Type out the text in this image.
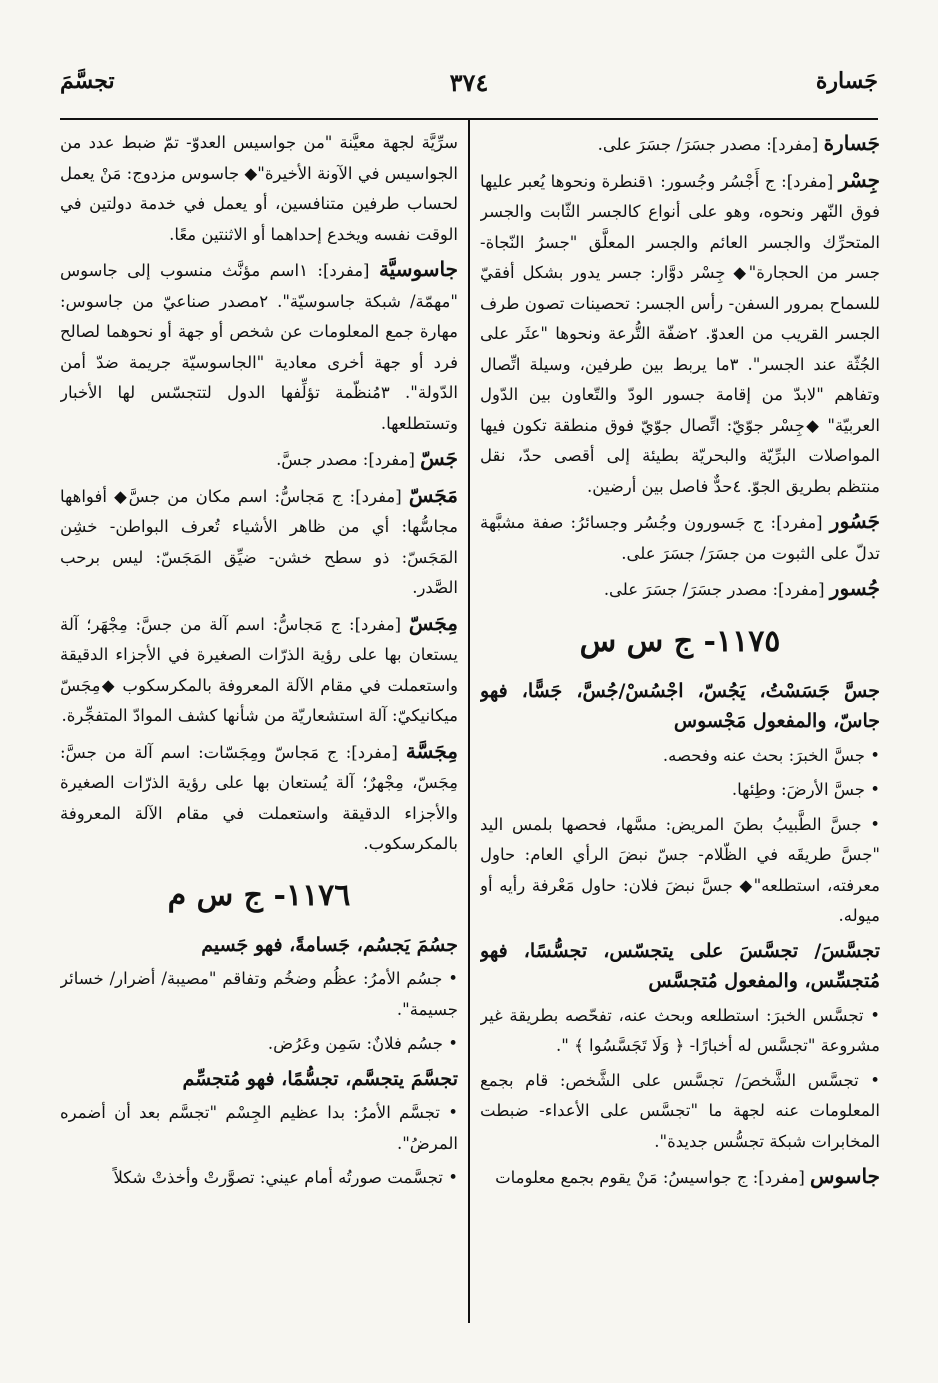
جَسارة
٣٧٤
تجسَّمَ

جَسارة [مفرد]: مصدر جسَرَ/ جسَرَ على.

جِسْر [مفرد]: ج أَجْسُر وجُسور: ١قنطرة ونحوها يُعبر عليها فوق النّهر ونحوه، وهو على أنواع كالجسر الثّابت والجسر المتحرِّك والجسر العائم والجسر المعلَّق "جسرُ النّجاة- جسر من الحجارة"◆ جِسْر دوَّار: جسر يدور بشكل أفقيّ للسماح بمرور السفن- رأس الجسر: تحصينات تصون طرف الجسر القريب من العدوّ. ٢ضفّة التُّرعة ونحوها "عثَر على الجُثّة عند الجسر". ٣ما يربط بين طرفين، وسيلة اتِّصال وتفاهم "لابدّ من إقامة جسور الودّ والتّعاون بين الدّول العربيّة" ◆جِسْر جوّيّ: اتِّصال جوّيّ فوق منطقة تكون فيها المواصلات البرِّيّة والبحريّة بطيئة إلى أقصى حدّ، نقل منتظم بطريق الجوّ. ٤حدٌّ فاصل بين أرضين.

جَسُور [مفرد]: ج جَسورون وجُسُر وجسائرُ: صفة مشبَّهة تدلّ على الثبوت من جسَرَ/ جسَرَ على.

جُسور [مفرد]: مصدر جسَرَ/ جسَرَ على.

١١٧٥- ج س س

جسَّ جَسَسْتُ، يَجُسّ، اجْسُسْ/جُسَّ، جَسًّا، فهو جاسّ، والمفعول مَجْسوس

• جسَّ الخبرَ: بحث عنه وفحصه.

• جسَّ الأرضَ: وطِئها.

• جسَّ الطَّبيبُ بطنَ المريض: مسَّها، فحصها بلمس اليد "جسَّ طريقَه في الظّلام- جسّ نبضَ الرأي العام: حاول معرفته، استطلعه"◆ جسَّ نبضَ فلان: حاول مَعْرفة رأيه أو ميوله.

تجسَّسَ/ تجسَّسَ على يتجسّس، تجسُّسًا، فهو مُتجسِّس، والمفعول مُتجسَّس

• تجسَّس الخبرَ: استطلعه وبحث عنه، تفحّصه بطريقة غير مشروعة "تجسَّس له أخبارًا- ﴿ وَلَا تَجَسَّسُوا ﴾ ".

• تجسَّس الشَّخصَ/ تجسَّس على الشَّخص: قام بجمع المعلومات عنه لجهة ما "تجسَّس على الأعداء- ضبطت المخابرات شبكة تجسُّس جديدة".

جاسوس [مفرد]: ج جواسيسُ: مَنْ يقوم بجمع معلومات

سرِّيَّة لجهة معيَّنة "من جواسيس العدوّ- تمّ ضبط عدد من الجواسيس في الآونة الأخيرة"◆ جاسوس مزدوج: مَنْ يعمل لحساب طرفين متنافسين، أو يعمل في خدمة دولتين في الوقت نفسه ويخدع إحداهما أو الاثنتين معًا.

جاسوسيَّة [مفرد]: ١اسم مؤنَّث منسوب إلى جاسوس "مهمّة/ شبكة جاسوسيّة". ٢مصدر صناعيّ من جاسوس: مهارة جمع المعلومات عن شخص أو جهة أو نحوهما لصالح فرد أو جهة أخرى معادية "الجاسوسيّة جريمة ضدّ أمن الدّولة". ٣مُنظّمة تؤلِّفها الدول لتتجسّس لها الأخبار وتستطلعها.

جَسّ [مفرد]: مصدر جسَّ.

مَجَسّ [مفرد]: ج مَجاسُّ: اسم مكان من جسَّ◆ أفواهها مجاسُّها: أي من ظاهر الأشياء تُعرف البواطن- خشِن المَجَسّ: ذو سطح خشن- ضيِّق المَجَسّ: ليس برحب الصَّدر.

مِجَسّ [مفرد]: ج مَجاسُّ: اسم آلة من جسَّ: مِجْهَر؛ آلة يستعان بها على رؤية الذرّات الصغيرة في الأجزاء الدقيقة واستعملت في مقام الآلة المعروفة بالمكرسكوب ◆مِجَسّ ميكانيكيّ: آلة استشعاريّة من شأنها كشف الموادّ المتفجِّرة.

مِجَسَّة [مفرد]: ج مَجاسّ ومِجَسّات: اسم آلة من جسَّ: مِجَسّ، مِجْهرٌ؛ آلة يُستعان بها على رؤية الذرّات الصغيرة والأجزاء الدقيقة واستعملت في مقام الآلة المعروفة بالمكرسكوب.

١١٧٦- ج س م

جسُمَ يَجسُم، جَسامةً، فهو جَسيم

• جسُم الأمرُ: عظُم وضخُم وتفاقم "مصيبة/ أضرار/ خسائر جسيمة".

• جسُم فلانٌ: سَمِن وعَرُض.

تجسَّمَ يتجسَّم، تجسُّمًا، فهو مُتجسِّم

• تجسَّم الأمرُ: بدا عظيم الجِسْم "تجسَّم بعد أن أضمره المرضُ".

• تجسَّمت صورتُه أمام عيني: تصوَّرتْ وأخذتْ شكلاً
